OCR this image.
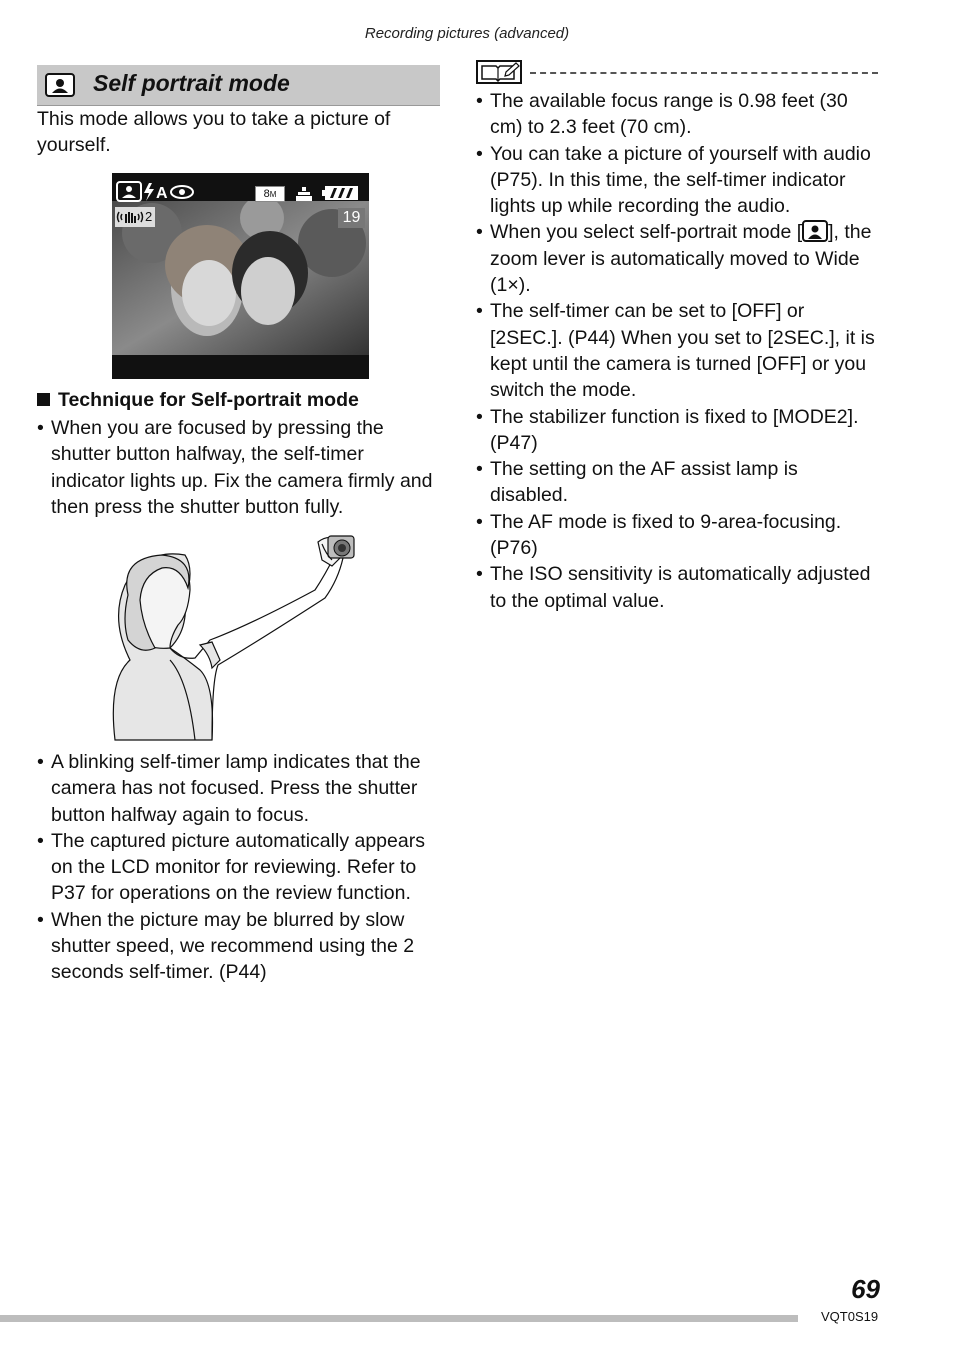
Recording pictures (advanced)
Self portrait mode
This mode allows you to take a picture of yourself.
A	8M
2	19
Technique for Self-portrait mode
• When you are focused by pressing the shutter button halfway, the self-timer indicator lights up. Fix the camera firmly and then press the shutter button fully.
• A blinking self-timer lamp indicates that the camera has not focused. Press the shutter button halfway again to focus.
• The captured picture automatically appears on the LCD monitor for reviewing. Refer to P37 for operations on the review function.
• When the picture may be blurred by slow shutter speed, we recommend using the 2 seconds self-timer. (P44)
• The available focus range is 0.98 feet (30 cm) to 2.3 feet (70 cm).
• You can take a picture of yourself with audio (P75). In this time, the self-timer indicator lights up while recording the audio.
• When you select self-portrait mode [ ], the zoom lever is automatically moved to Wide (1×).
• The self-timer can be set to [OFF] or [2SEC.]. (P44) When you set to [2SEC.], it is kept until the camera is turned [OFF] or you switch the mode.
• The stabilizer function is fixed to [MODE2]. (P47)
• The setting on the AF assist lamp is disabled.
• The AF mode is fixed to 9-area-focusing. (P76)
• The ISO sensitivity is automatically adjusted to the optimal value.
69
VQT0S19
